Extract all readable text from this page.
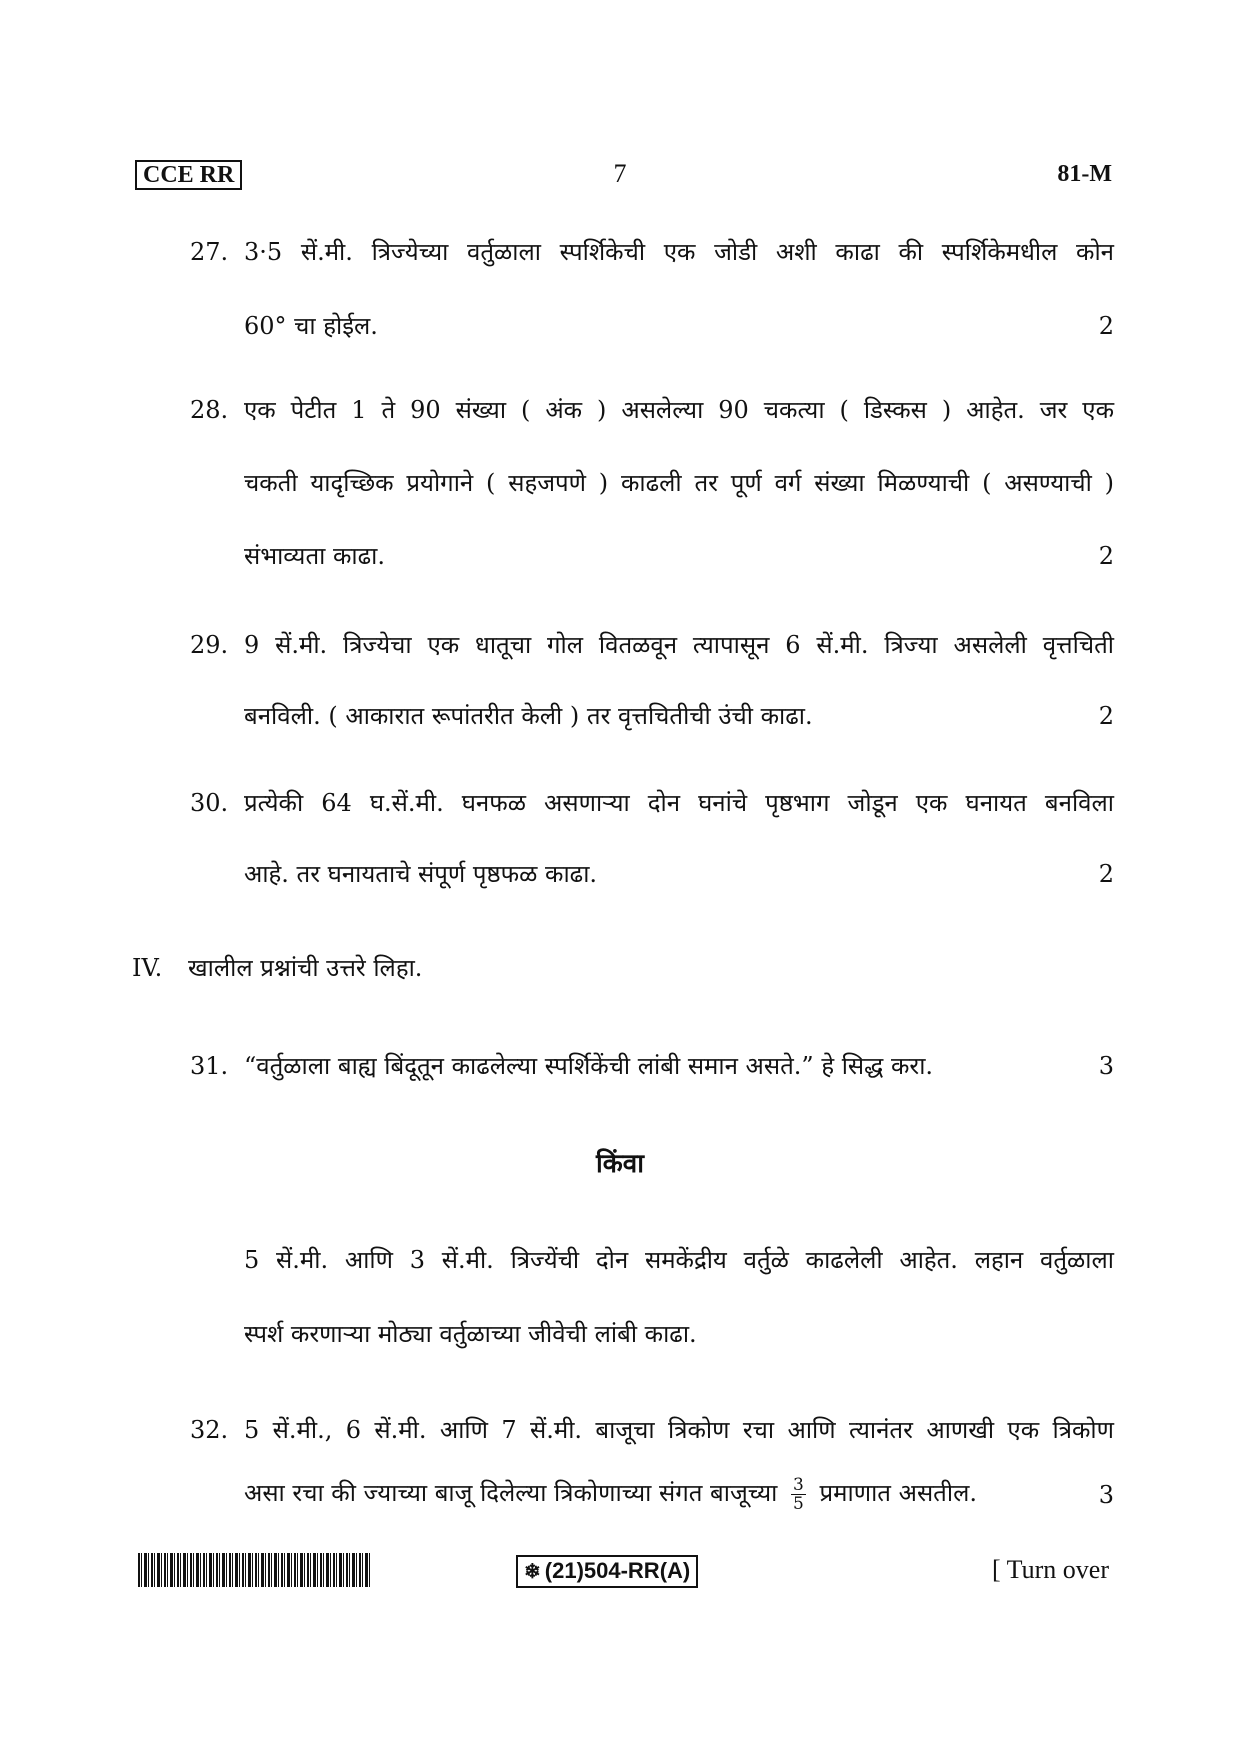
CCE RR	7	81-M
27. 3·5 सें.मी. त्रिज्येच्या वर्तुळाला स्पर्शिकेची एक जोडी अशी काढा की स्पर्शिकेमधील कोन
60° चा होईल.	2
28. एक पेटीत 1 ते 90 संख्या ( अंक ) असलेल्या 90 चकत्या ( डिस्कस ) आहेत. जर एक
चकती यादृच्छिक प्रयोगाने ( सहजपणे ) काढली तर पूर्ण वर्ग संख्या मिळण्याची ( असण्याची )
संभाव्यता काढा.	2
29. 9 सें.मी. त्रिज्येचा एक धातूचा गोल वितळवून त्यापासून 6 सें.मी. त्रिज्या असलेली वृत्तचिती
बनविली. ( आकारात रूपांतरीत केली ) तर वृत्तचितीची उंची काढा.	2
30. प्रत्येकी 64 घ.सें.मी. घनफळ असणाऱ्या दोन घनांचे पृष्ठभाग जोडून एक घनायत बनविला
आहे. तर घनायताचे संपूर्ण पृष्ठफळ काढा.	2
IV. खालील प्रश्नांची उत्तरे लिहा.
31. “वर्तुळाला बाह्य बिंदूतून काढलेल्या स्पर्शिकेंची लांबी समान असते.” हे सिद्ध करा.	3
किंवा
5 सें.मी. आणि 3 सें.मी. त्रिज्येंची दोन समकेंद्रीय वर्तुळे काढलेली आहेत. लहान वर्तुळाला
स्पर्श करणाऱ्या मोठ्या वर्तुळाच्या जीवेची लांबी काढा.
32. 5 सें.मी., 6 सें.मी. आणि 7 सें.मी. बाजूचा त्रिकोण रचा आणि त्यानंतर आणखी एक त्रिकोण
असा रचा की ज्याच्या बाजू दिलेल्या त्रिकोणाच्या संगत बाजूच्या $\frac{3}{5}$ प्रमाणात असतील.	3
❄ (21)504-RR(A)	[ Turn over
